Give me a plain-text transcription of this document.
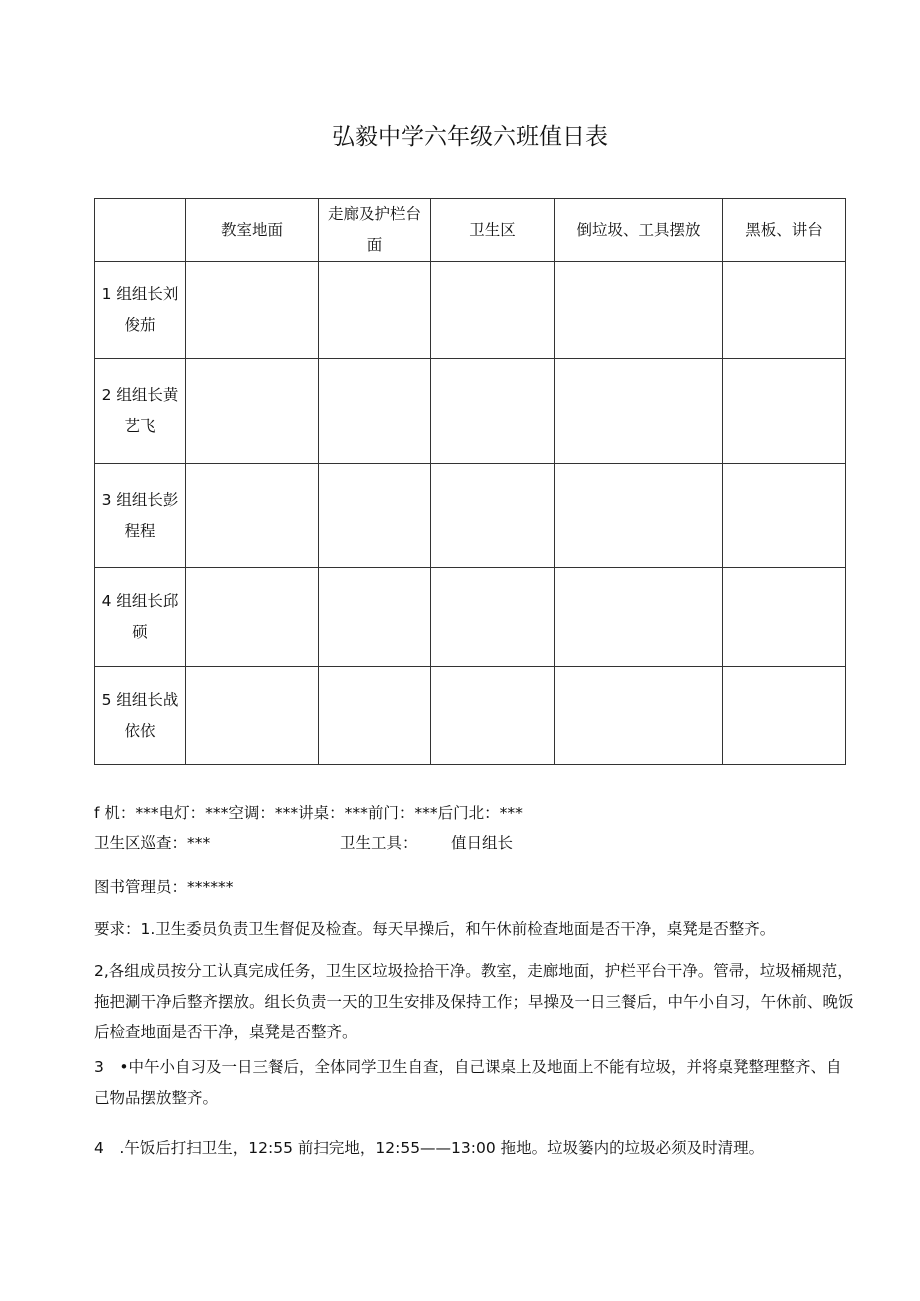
弘毅中学六年级六班值日表
	教室地面	走廊及护栏台面	卫生区	倒垃圾、工具摆放	黑板、讲台

1 组组长刘
俊茄					

2 组组长黄
艺飞					

3 组组长彭
程程					

4 组组长邱
硕					

5 组组长战
依依					

f 机：***电灯：***空调：***讲桌：***前门：***后门北：***
卫生区巡查：***	卫生工具： 值日组长
图书管理员：******
要求：1.卫生委员负责卫生督促及检查。每天早操后，和午休前检查地面是否干净，桌凳是否整齐。
2,各组成员按分工认真完成任务，卫生区垃圾捡拾干净。教室，走廊地面，护栏平台干净。管帚，垃圾桶规范，拖把涮干净后整齐摆放。组长负责一天的卫生安排及保持工作；早操及一日三餐后，中午小自习，午休前、晚饭后检查地面是否干净，桌凳是否整齐。
3　•中午小自习及一日三餐后，全体同学卫生自查，自己课桌上及地面上不能有垃圾，并将桌凳整理整齐、自己物品摆放整齐。
4　.午饭后打扫卫生，12:55 前扫完地，12:55——13:00 拖地。垃圾篓内的垃圾必须及时清理。
